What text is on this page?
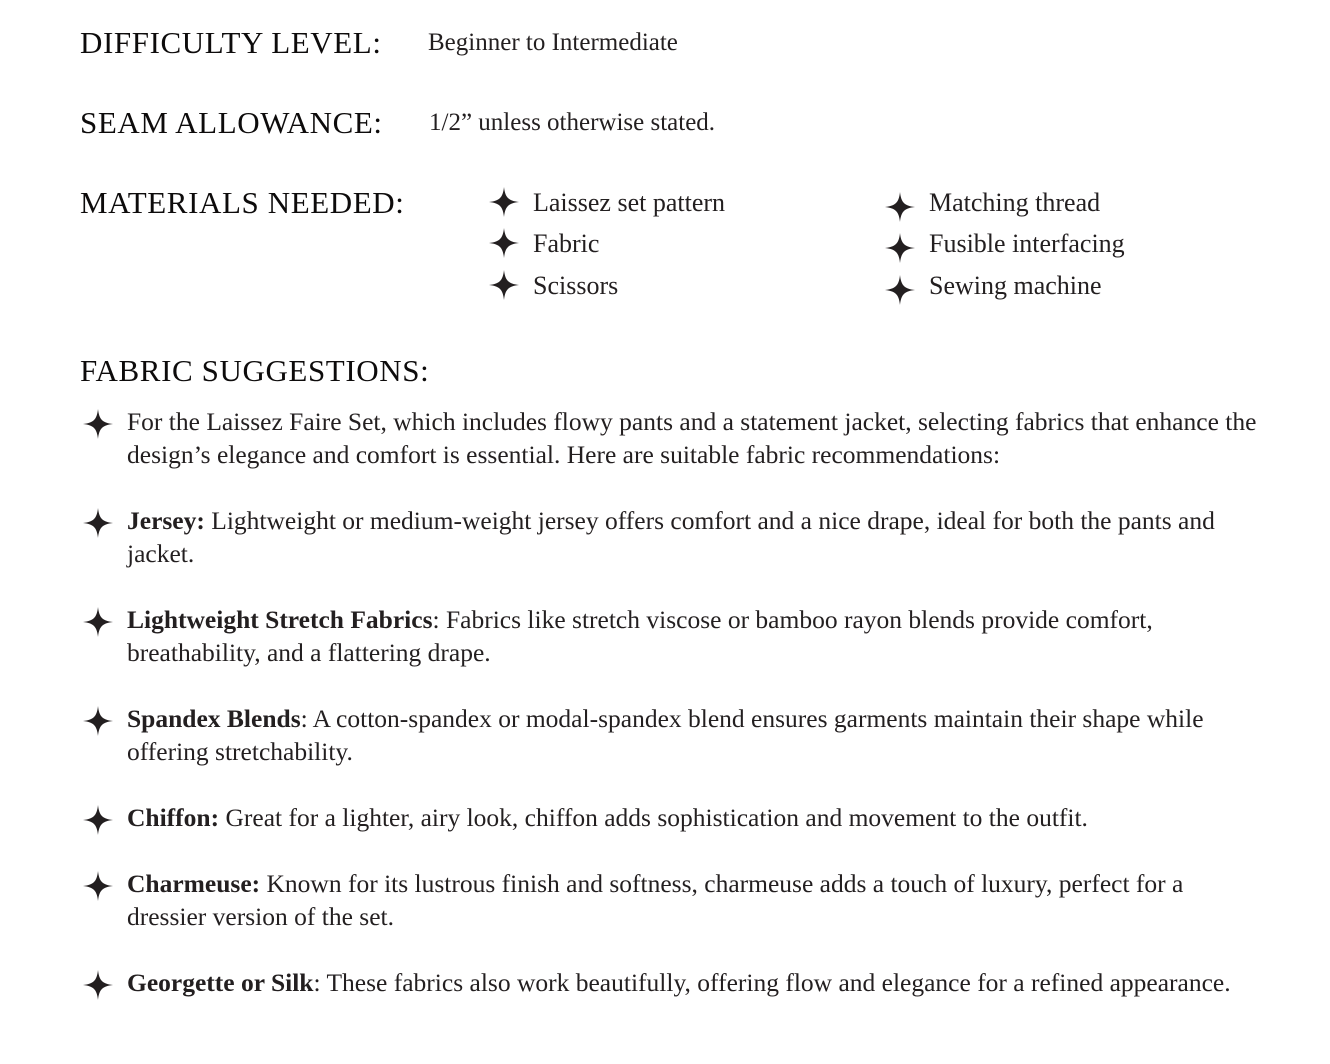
DIFFICULTY LEVEL: Beginner to Intermediate
SEAM ALLOWANCE: 1/2” unless otherwise stated.
MATERIALS NEEDED:	Laissez set pattern
Fabric
Scissors
Matching thread
Fusible interfacing
Sewing machine
FABRIC SUGGESTIONS:
For the Laissez Faire Set, which includes flowy pants and a statement jacket, selecting fabrics that enhance the design’s elegance and comfort is essential. Here are suitable fabric recommendations:
Jersey: Lightweight or medium-weight jersey offers comfort and a nice drape, ideal for both the pants and jacket.
Lightweight Stretch Fabrics: Fabrics like stretch viscose or bamboo rayon blends provide comfort, breathability, and a flattering drape.
Spandex Blends: A cotton-spandex or modal-spandex blend ensures garments maintain their shape while offering stretchability.
Chiffon: Great for a lighter, airy look, chiffon adds sophistication and movement to the outfit.
Charmeuse: Known for its lustrous finish and softness, charmeuse adds a touch of luxury, perfect for a dressier version of the set.
Georgette or Silk: These fabrics also work beautifully, offering flow and elegance for a refined appearance.
